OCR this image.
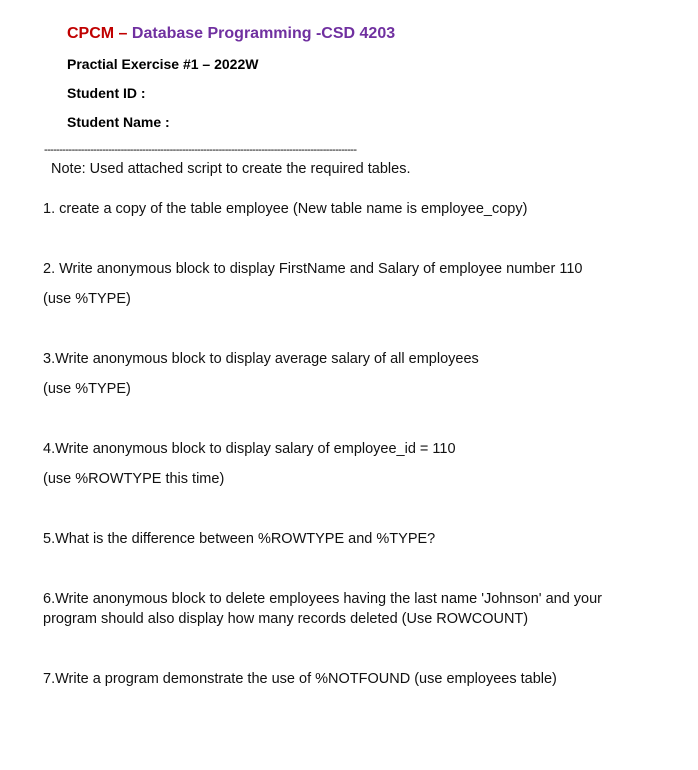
CPCM – Database Programming -CSD 4203
Practial Exercise #1 – 2022W
Student ID :
Student Name :
------------------------------------------------------------------------------------------------------
Note: Used attached script to create the required tables.
1. create a copy of the table employee (New table name is employee_copy)
2. Write anonymous block to display FirstName and Salary of employee number 110
(use %TYPE)
3.Write anonymous block to display average salary of all employees
(use %TYPE)
4.Write anonymous block to display salary of employee_id = 110
(use %ROWTYPE this time)
5.What is the difference between %ROWTYPE and %TYPE?
6.Write anonymous block to delete employees having the last name 'Johnson' and your
program should also display how many records deleted (Use ROWCOUNT)
7.Write a program demonstrate the use of %NOTFOUND (use employees table)
